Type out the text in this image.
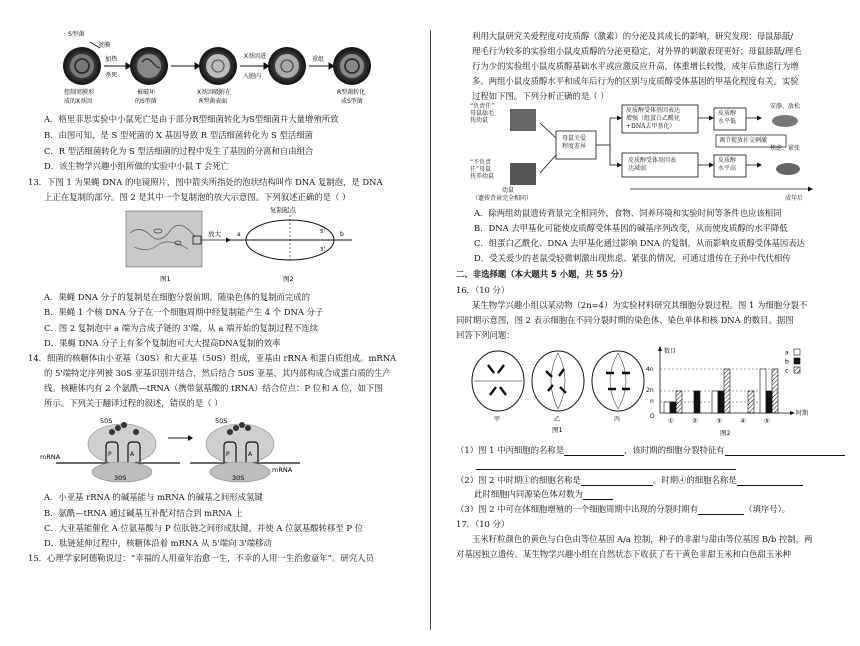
S型菌
荚膜
加热
杀死
控制荚膜形
成的X基因
被破坏
的S型菌
X基因吸附在
R型菌表面
X基因进
入胞内
重组
R型菌转化
成S型菌
A．格里菲思实验中小鼠死亡是由于部分R型细菌转化为S型细菌并大量增殖所致
B．由图可知，是 S 型死菌的 X 基因导致 R 型活细菌转化为 S 型活细菌
C．R 型活细菌转化为 S 型活细菌的过程中发生了基因的分离和自由组合
D．该生物学兴趣小组所做的实验中小鼠 T 会死亡
13．下图 1 为果蝇 DNA 的电镜照片，图中箭头所指处的泡状结构叫作 DNA 复制泡，是 DNA
上正在复制的部分。图 2 是其中一个复制泡的放大示意图。下列叙述正确的是（ ）
放大
复制起点
a	b
5'
3'
图1	图2
A．果蝇 DNA 分子的复制是在细胞分裂前期，随染色体的复制而完成的
B．果蝇 1 个核 DNA 分子在一个细胞周期中经复制能产生 4 个 DNA 分子
C．图 2 复制泡中 a 端为合成子链的 3'端，从 a 端开始的复制过程不连续
D．果蝇 DNA 分子上有多个复制泡可大大提高DNA复制的效率
14．细菌的核糖体由小亚基（30S）和大亚基（50S）组成，亚基由 rRNA 和蛋白质组成。mRNA
的 5'端特定序列被 30S 亚基识别并结合，然后结合 50S 亚基，其内部构成合成蛋白质的生产
线。核糖体内有 2 个氨酰—tRNA（携带氨基酸的 tRNA）结合位点：P 位和 A 位，如下图
所示。下列关于翻译过程的叙述，错误的是（ ）
50S
30S
mRNA	P	A
50S
30S
mRNA
P	A
A．小亚基 rRNA 的碱基能与 mRNA 的碱基之间形成氢键
B．氨酰—tRNA 通过碱基互补配对结合到 mRNA 上
C．大亚基能催化 A 位氨基酸与 P 位肽链之间形成肽键，并使 A 位氨基酸转移至 P 位
D．肽链延伸过程中，核糖体沿着 mRNA 从 5'端向 3'端移动
15．心理学家阿德勒说过：“幸福的人用童年治愈一生，不幸的人用一生治愈童年”。研究人员
利用大鼠研究关爱程度对皮质醇（激素）的分泌及其成长的影响，研究发现：母鼠舔舐/
理毛行为较多的实验组小鼠皮质醇的分泌更稳定，对外界的刺激表现更好；母鼠舔舐/理毛
行为少的实验组小鼠皮质醇基础水平或应激反应升高，体重增长较慢，成年后焦虑行为增
多。两组小鼠皮质醇水平和成年后行为的区别与皮质醇受体基因的甲基化程度有关。实验
过程如下图。下列分析正确的是（ ）
“负责任”
母鼠舔毛
抚幼鼠
“不负责
任”母鼠
抚养幼鼠
母鼠关爱
程度差异
皮质醇受体基因表达
增强（组蛋白乙酰化
+DNA去甲基化）
皮质醇受体基因表
达减弱
皮质醇
水平低
皮质醇
水平高
安静、放松
焦虑、紧张
调节捉放社交刺激
幼鼠
（遗传背景完全相同）	成年后
A．除两组幼鼠遗传背景完全相同外，食物、饲养环境和实验时间等条件也应该相同
B．DNA 去甲基化可能使皮质醇受体基因的碱基序列改变，从而使皮质醇的水平降低
C．组蛋白乙酰化、DNA 去甲基化通过影响 DNA 的复制，从而影响皮质醇受体基因表达
D．受关爱少的老鼠受轻微刺激出现焦虑、紧张的情况，可通过遗传在子孙中代代相传
二、非选择题（本大题共 5 小题，共 55 分）
16．（10 分）
某生物学兴趣小组以某动物（2n=4）为实验材料研究其细胞分裂过程。图 1 为细胞分裂不
同时期示意图，图 2 表示细胞在不同分裂时期的染色体、染色单体和核 DNA 的数目。据图
回答下列问题：
甲	乙	丙
图1
数目
时期
4n
2n
n
O
①	②	③	④	⑤
a
b
c
图2
（1）图 1 中丙细胞的名称是	，该时期的细胞分裂特征有
（2）图 2 中时期①的细胞名称是	。时期④的细胞名称是
此时细胞内同源染色体对数为
（3）图 2 中可在体细胞增殖的一个细胞周期中出现的分裂时期有	（填序号）。
17．（10 分）
玉米籽粒颜色的黄色与白色由等位基因 A/a 控制，种子的非甜与甜由等位基因 B/b 控制，两
对基因独立遗传。某生物学兴趣小组在自然状态下收获了若干黄色非甜玉米和白色甜玉米种
